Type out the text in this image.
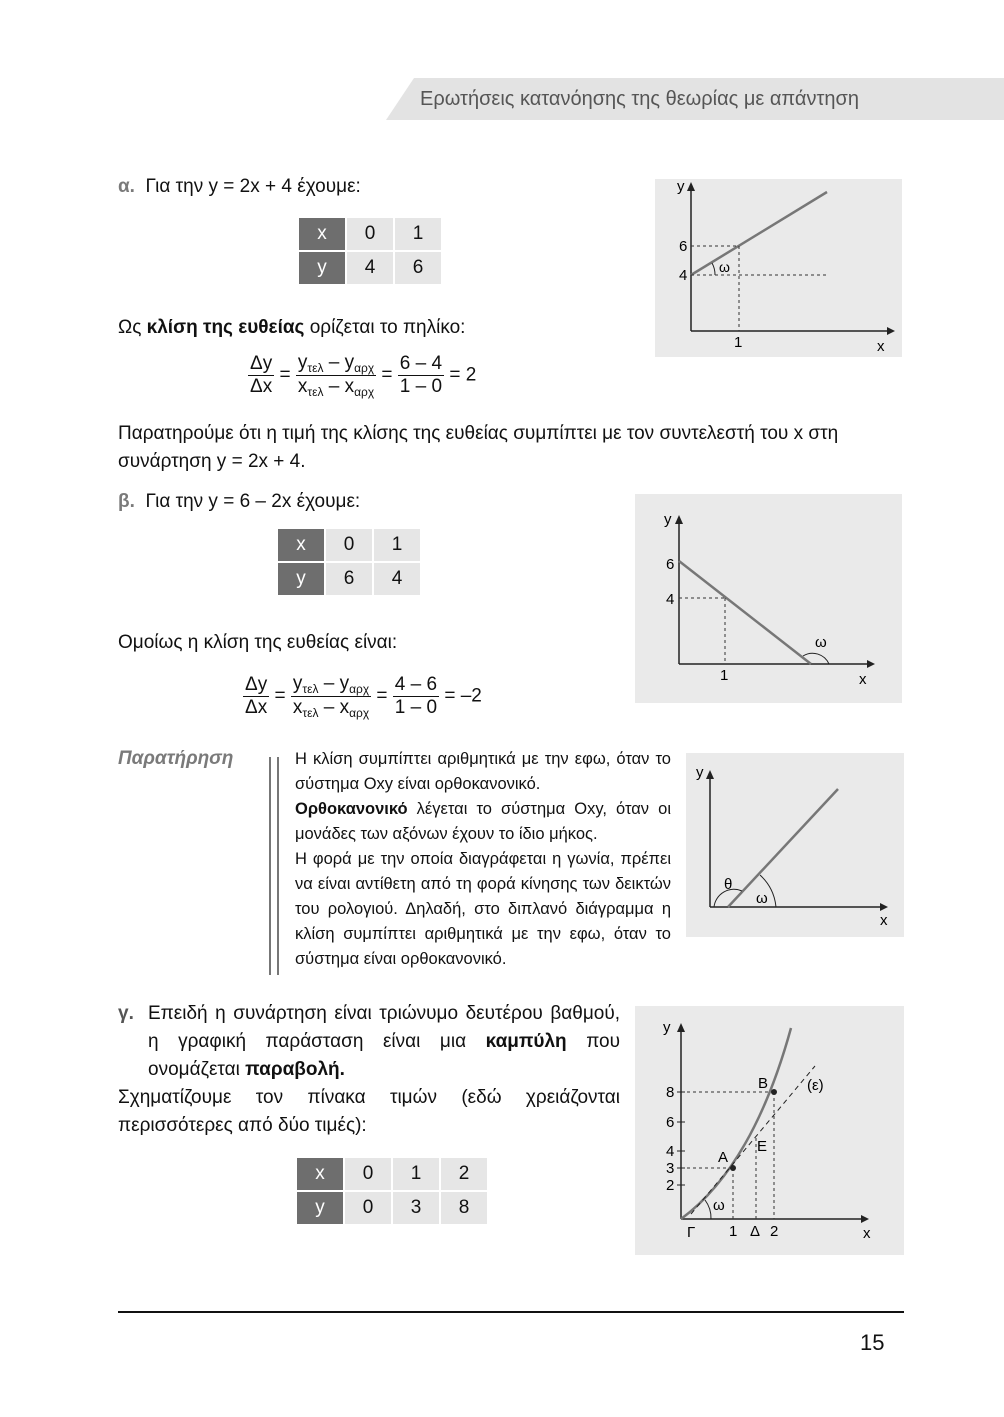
Ερωτήσεις κατανόησης της θεωρίας με απάντηση
α. Για την y = 2x + 4 έχουμε:
x	0	1
y	4	6
Ως κλίση της ευθείας ορίζεται το πηλίκο:
$\frac{\Delta y}{\Delta x} = \frac{y_{\tau\varepsilon\lambda} - y_{\alpha\rho\chi}}{x_{\tau\varepsilon\lambda} - x_{\alpha\rho\chi}} = \frac{6 - 4}{1 - 0} = 2$
Παρατηρούμε ότι η τιμή της κλίσης της ευθείας συμπίπτει με τον συντελεστή του x στη συνάρτηση y = 2x + 4.
y
x
6
4
1
ω
β. Για την y = 6 – 2x έχουμε:
x	0	1
y	6	4
Ομοίως η κλίση της ευθείας είναι:
$\frac{\Delta y}{\Delta x} = \frac{y_{\tau\varepsilon\lambda} - y_{\alpha\rho\chi}}{x_{\tau\varepsilon\lambda} - x_{\alpha\rho\chi}} = \frac{4 - 6}{1 - 0} = -2$
y
x
6
4
1
ω
Παρατήρηση	Η κλίση συμπίπτει αριθμητικά με την εφω, όταν το σύστημα Oxy είναι ορθοκανονικό.
Ορθοκανονικό λέγεται το σύστημα Oxy, όταν οι μονάδες των αξόνων έχουν το ίδιο μήκος.
Η φορά με την οποία διαγράφεται η γωνία, πρέπει να είναι αντίθετη από τη φορά κίνησης των δεικτών του ρολογιού. Δηλαδή, στο διπλανό διάγραμμα η κλίση συμπίπτει αριθμητικά με την εφω, όταν το σύστημα είναι ορθοκανονικό.
y
x
θ
ω
γ. Επειδή η συνάρτηση είναι τριώνυμο δευτέρου βαθμού, η γραφική παράσταση είναι μια καμπύλη που ονομάζεται παραβολή.
Σχηματίζουμε τον πίνακα τιμών (εδώ χρειάζονται περισσότερες από δύο τιμές):
x	0	1	2
y	0	3	8
y
x
8
6
4
3
2
1 Δ 2
Γ
A
B
E
(ε)
ω
15
